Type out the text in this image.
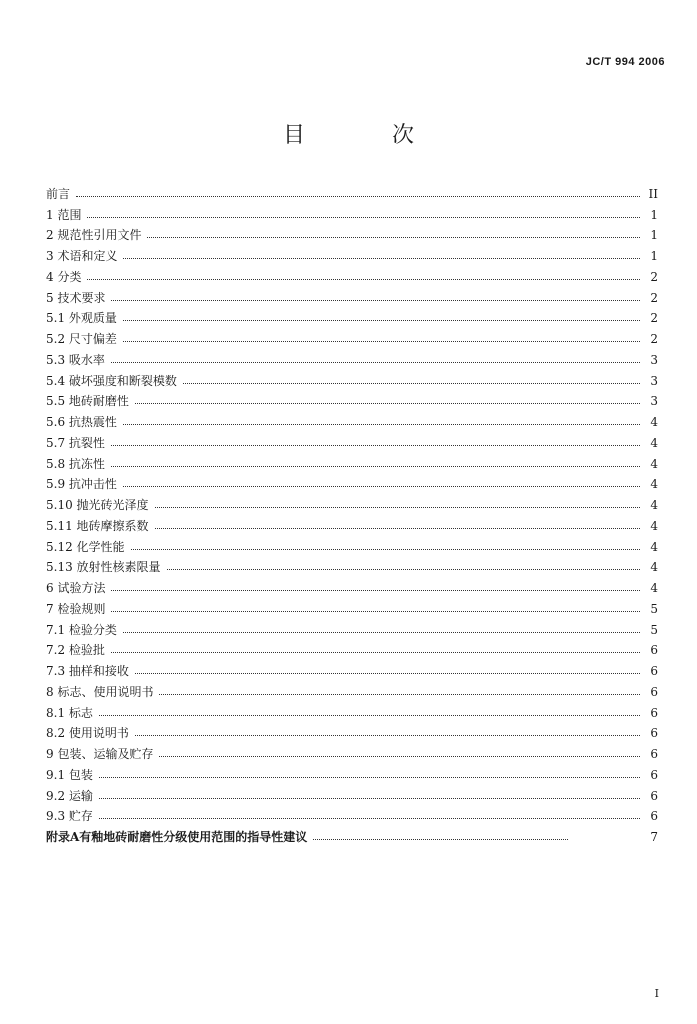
JC/T 994 2006
目 次
前言	II
1 范围	1
2 规范性引用文件	1
3 术语和定义	1
4 分类	2
5 技术要求	2
5.1 外观质量	2
5.2 尺寸偏差	2
5.3 吸水率	3
5.4 破坏强度和断裂模数	3
5.5 地砖耐磨性	3
5.6 抗热震性	4
5.7 抗裂性	4
5.8 抗冻性	4
5.9 抗冲击性	4
5.10 抛光砖光泽度	4
5.11 地砖摩擦系数	4
5.12 化学性能	4
5.13 放射性核素限量	4
6 试验方法	4
7 检验规则	5
7.1 检验分类	5
7.2 检验批	6
7.3 抽样和接收	6
8 标志、使用说明书	6
8.1 标志	6
8.2 使用说明书	6
9 包装、运输及贮存	6
9.1 包装	6
9.2 运输	6
9.3 贮存	6
附录A有釉地砖耐磨性分级使用范围的指导性建议	7
I
